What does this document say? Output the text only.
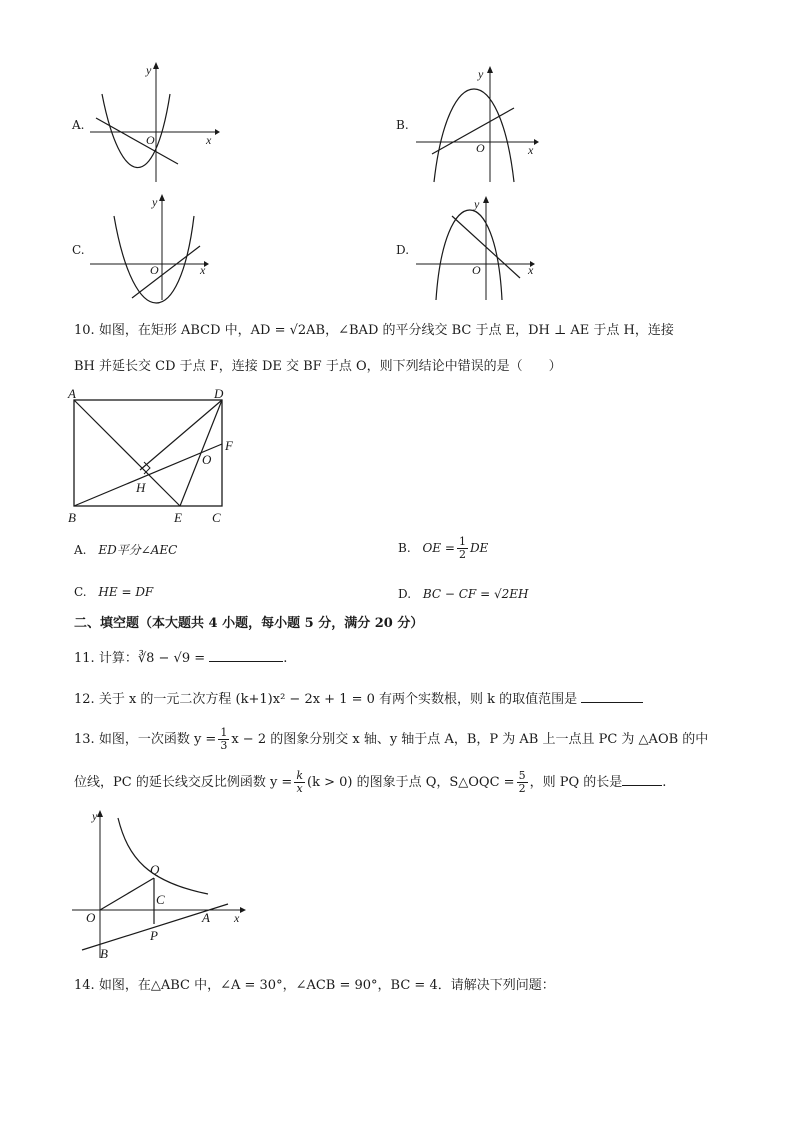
A.
y
x
O
B.
y
x
O
C.
y
x
O
D.
y
x
O
10. 如图，在矩形 ABCD 中，AD = √2AB，∠BAD 的平分线交 BC 于点 E，DH ⊥ AE 于点 H，连接
BH 并延长交 CD 于点 F，连接 DE 交 BF 于点 O，则下列结论中错误的是（　　）
A	D
B	C
E
F
H
O
A. ED平分∠AEC	B. OE = $\frac{1}{2}$ DE
C. HE = DF	D. BC − CF = √2EH
二、填空题（本大题共 4 小题，每小题 5 分，满分 20 分）
11. 计算：∛8 − √9 =	.
12. 关于 x 的一元二次方程 (k+1)x² − 2x + 1 = 0 有两个实数根，则 k 的取值范围是
13. 如图，一次函数 $y = \frac{1}{3}$ x − 2 的图象分别交 x 轴、y 轴于点 A，B，P 为 AB 上一点且 PC 为 △AOB 的中
位线，PC 的延长线交反比例函数 $y = \frac{k}{x} (k > 0)$ 的图象于点 Q，S△OQC = $\frac{5}{2}$ ，则 PQ 的长是	.
y
x
O
Q
C
A
P
B
14. 如图，在△ABC 中，∠A = 30°，∠ACB = 90°，BC = 4．请解决下列问题：
